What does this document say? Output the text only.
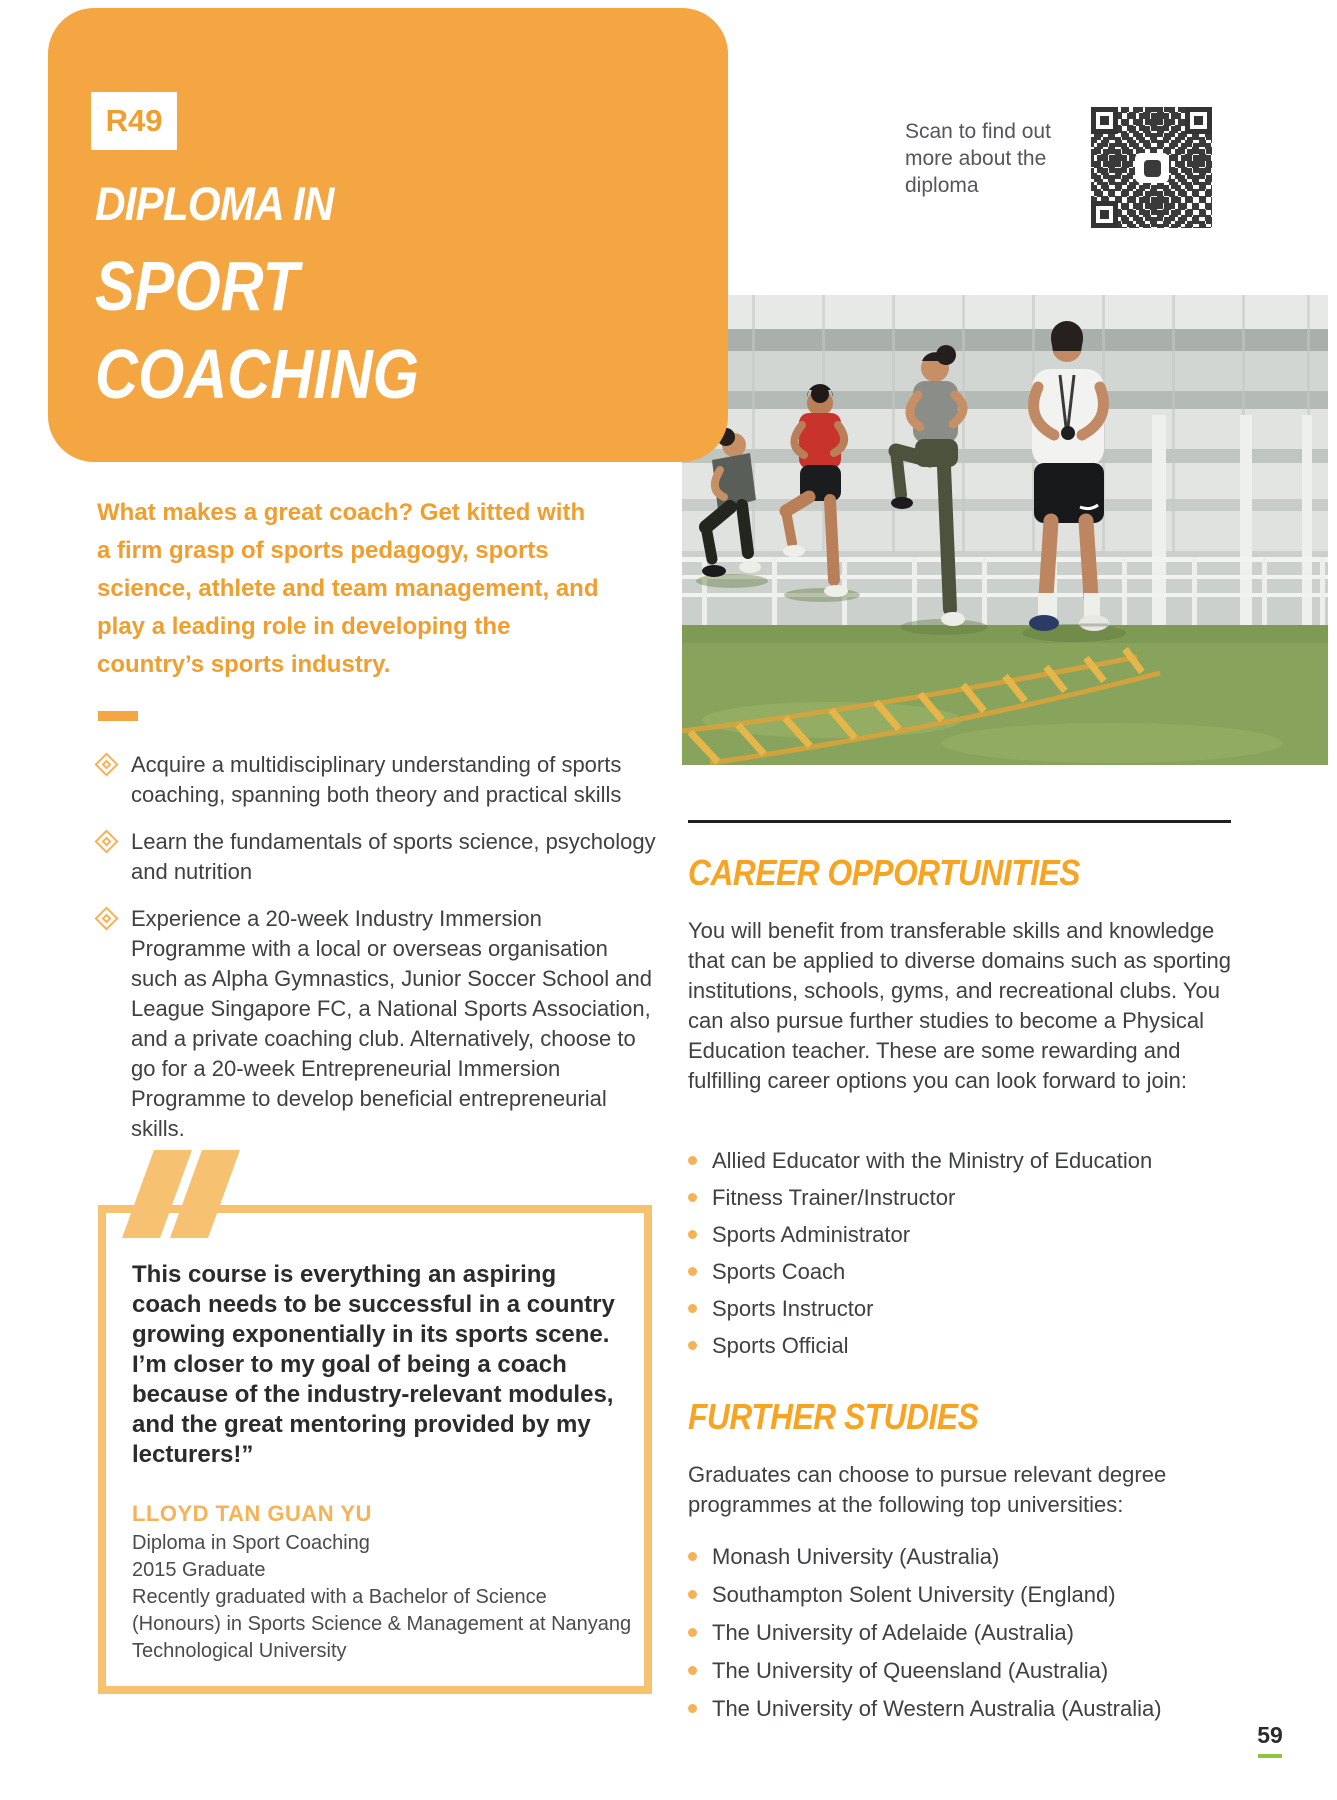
R49
DIPLOMA IN
SPORT
COACHING
Scan to find out more about the diploma
What makes a great coach? Get kitted with a firm grasp of sports pedagogy, sports science, athlete and team management, and play a leading role in developing the country’s sports industry.
Acquire a multidisciplinary understanding of sports coaching, spanning both theory and practical skills
Learn the fundamentals of sports science, psychology and nutrition
Experience a 20-week Industry Immersion Programme with a local or overseas organisation such as Alpha Gymnastics, Junior Soccer School and League Singapore FC, a National Sports Association, and a private coaching club. Alternatively, choose to go for a 20-week Entrepreneurial Immersion Programme to develop beneficial entrepreneurial skills.
This course is everything an aspiring coach needs to be successful in a country growing exponentially in its sports scene. I’m closer to my goal of being a coach because of the industry-relevant modules, and the great mentoring provided by my lecturers!”
LLOYD TAN GUAN YU
Diploma in Sport Coaching
2015 Graduate
Recently graduated with a Bachelor of Science (Honours) in Sports Science & Management at Nanyang Technological University
CAREER OPPORTUNITIES
You will benefit from transferable skills and knowledge that can be applied to diverse domains such as sporting institutions, schools, gyms, and recreational clubs. You can also pursue further studies to become a Physical Education teacher. These are some rewarding and fulfilling career options you can look forward to join:
Allied Educator with the Ministry of Education
Fitness Trainer/Instructor
Sports Administrator
Sports Coach
Sports Instructor
Sports Official
FURTHER STUDIES
Graduates can choose to pursue relevant degree programmes at the following top universities:
Monash University (Australia)
Southampton Solent University (England)
The University of Adelaide (Australia)
The University of Queensland (Australia)
The University of Western Australia (Australia)
59
